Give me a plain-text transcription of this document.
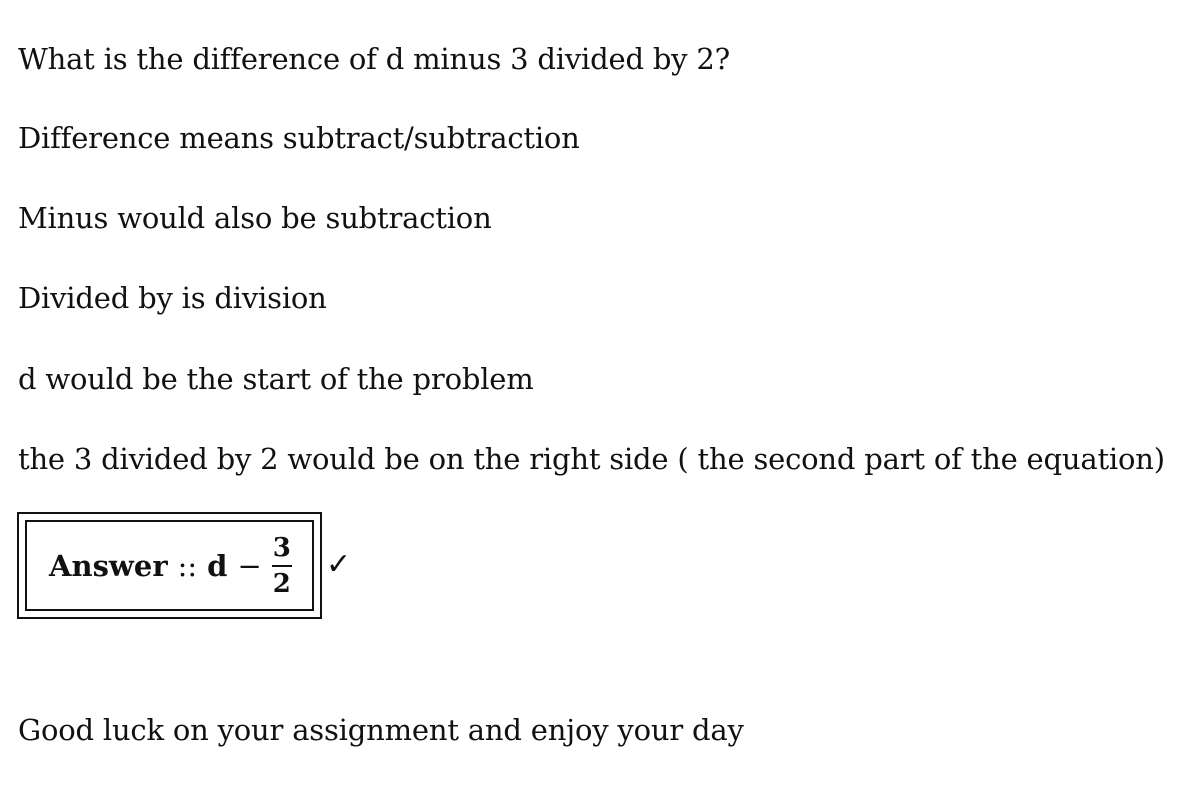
What is the difference of d minus 3 divided by 2?
Difference means subtract/subtraction
Minus would also be subtraction
Divided by is division
d would be the start of the problem
the 3 divided by 2 would be on the right side ( the second part of the equation)
Answer :: $d - \frac{3}{2}$ ✓
Good luck on your assignment and enjoy your day
